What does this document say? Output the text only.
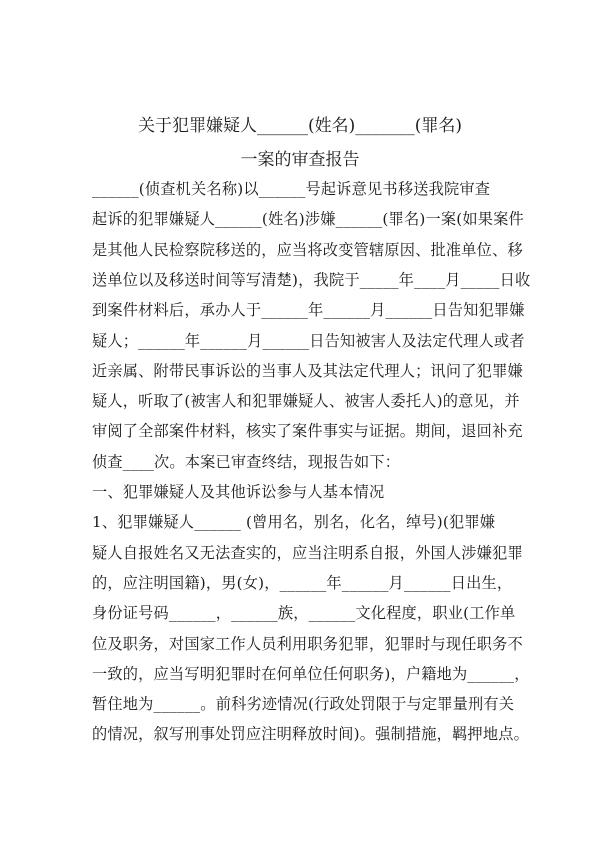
关于犯罪嫌疑人______(姓名)_______(罪名)
一案的审查报告
______(侦查机关名称)以______号起诉意见书移送我院审查
起诉的犯罪嫌疑人______(姓名)涉嫌______(罪名)一案(如果案件
是其他人民检察院移送的，应当将改变管辖原因、批准单位、移
送单位以及移送时间等写清楚)，我院于_____年____月_____日收
到案件材料后，承办人于______年______月______日告知犯罪嫌
疑人；______年______月______日告知被害人及法定代理人或者
近亲属、附带民事诉讼的当事人及其法定代理人；讯问了犯罪嫌
疑人，听取了(被害人和犯罪嫌疑人、被害人委托人)的意见，并
审阅了全部案件材料，核实了案件事实与证据。期间，退回补充
侦查____次。本案已审查终结，现报告如下：
一、犯罪嫌疑人及其他诉讼参与人基本情况
1、犯罪嫌疑人______ (曾用名，别名，化名，绰号)(犯罪嫌
疑人自报姓名又无法查实的，应当注明系自报，外国人涉嫌犯罪
的，应注明国籍)，男(女)，______年______月______日出生，
身份证号码______，______族，______文化程度，职业(工作单
位及职务，对国家工作人员利用职务犯罪，犯罪时与现任职务不
一致的，应当写明犯罪时在何单位任何职务)，户籍地为______，
暂住地为______。前科劣迹情况(行政处罚限于与定罪量刑有关
的情况，叙写刑事处罚应注明释放时间)。强制措施，羁押地点。
